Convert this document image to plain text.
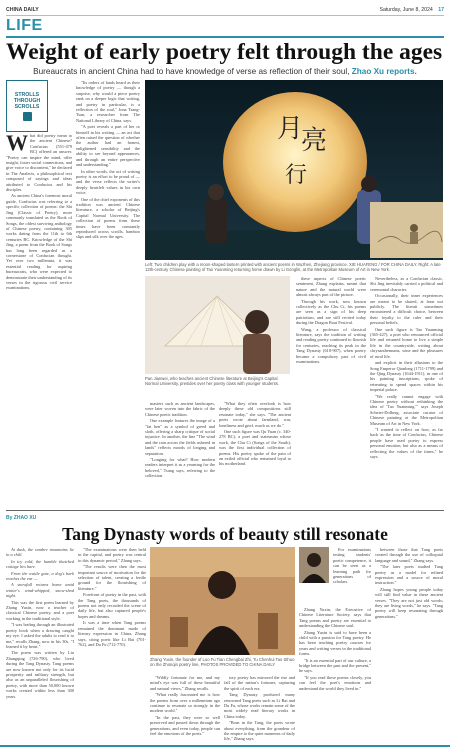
CHINA DAILY	Saturday, June 8, 2024 17
LIFE
Weight of early poetry felt through the ages
Bureaucrats in ancient China had to have knowledge of verse as reflection of their soul, Zhao Xu reports.
STROLLS
THROUGH
SCROLLS

What did poetry mean to the ancient Chinese? Confucius (551-479 BC) offered an answer. "Poetry can inspire the mind, offer insight, foster social connections, and give voice to discontent," he declared in The Analects, a philosophical text composed of sayings and ideas attributed to Confucius and his disciples.

As ancient China's foremost moral guide, Confucius was referring to a specific collection of poems: the Shi Jing (Classic of Poetry), more commonly translated as the Book of Songs, the oldest surviving anthology of Chinese poetry, containing 305 works dating from the 11th to 6th centuries BC. Knowledge of the Shi Jing, a poem from the Book of Songs has long been regarded as a cornerstone of Confucian thought. Yet over two millennia, it was essential reading for aspiring bureaucrats, who were expected to demonstrate their understanding of its verses in the rigorous civil service examinations.

"Its orders of lands heard as their knowledge of poetry — though a surprise, why would a piece poetry rank on a deeper logic that writing, and poetry in particular, is a reflection of the soul," Jona Tsang-Tsan, a researcher from The National Library of China, says.

"A poet reveals a part of her or himself in his writing — an act that often raised the question of whether the author had an honest, enlightened sensibility and the ability to see beyond appearances, and through an entire perspective and understanding."

In other words, the act of writing poetry is an effort to be proud of — and the verse reflects the writer's deeply heartfelt values in his own voice.

One of the chief exponents of this tradition was ancient Chinese literature, a scholar of Beijing's Capital Normal University. The collection of poems from these times have been constantly reproduced across scrolls, bamboo slips and silk over the ages.

月
亮
行
Left: Two children play with a moon-shaped lantern printed with ancient poems in Wuzhen, Zhejiang province. XIE HUAFENG / FOR CHINA DAILY. Right: A late 12th-century Chinese painting of Tao Yuanming returning home drawn by Li Gonglin, at the Metropolitan Museum of Art in New York.
Pan Jianwei, who teaches ancient Chinese literature at Beijing's Capital Normal University, presides over her poetry class with younger students.

masters such as ancient landscapes, were later woven into the fabric of the Chinese poetic tradition.

One example features the image of a "fat hen" as a symbol of greed and sloth, offering a sharp critique of social injustice. In another, the line "The wind and the rain across the fields ushered in lands" reflects moods of longing and separation.

"Longing for what? How modern readers interpret it as a yearning for the beloved," Tsang says, referring to the collection.

"What they often overlook is how deeply these old compositions still resonate today," she says. "The ancient poets wrote about farmland, war, loneliness and grief, much as we do."

One such figure was Qu Yuan (c. 340-278 BC), a poet and statesman whose work, the Chu Ci (Songs of the South), was the first individual collection of poems. His poetry spoke of the pain of an exiled official who remained loyal to his motherland.

these aspects of Chinese poetic sentiment, Zhang explains, meant that nature and the natural world were almost always part of the picture.

Through his work, now known collectively as the Chu Ci, his poems are seen as a sign of his deep patriotism, and are still recited today during the Dragon Boat Festival.

Wang, a professor of classical literature, says the tradition of writing and reading poetry continued to flourish for centuries, reaching its peak in the Tang Dynasty (618-907), when poetry became a compulsory part of civil examinations.

Nevertheless, as a Confucian classic, Shi Jing inevitably carried a political and ceremonial character.

Occasionally, their inner experiences are meant to be shared, at least not publicly. The literati sometimes encountered a difficult choice, between their loyalty to the ruler and their personal beliefs.

One such figure is Tao Yuanming (365-427), a poet who renounced official life and returned home to live a simple life in the countryside, writing about chrysanthemums, wine and the pleasures of rural life.

and explicit in their allusions to the Song Emperor Qianlong (1711-1799) and the Qing Dynasty (1644-1911), in one of his painting inscriptions, spoke of retreating to spend spaces within his imperial palace.

"We really cannot engage with Chinese poetry without rethinking the idea of 'Tao Yuanming,'" says Joseph Scheier-Dolberg, associate curator of Chinese painting at the Metropolitan Museum of Art in New York.

"I wanted to reflect on how, as far back as the time of Confucius, Chinese people have used poetry to express personal emotion, but also as a means of reflecting the values of the times," he says.

By ZHAO XU
Tang Dynasty words of beauty still resonate

At dusk, the sombre mountains lie in a chill.

In icy cold, the humble thatched cottage lies bare.

From the wattle gate, a dog's bark reaches the ear —

A snowfall returns home amid winter's wind-whipped, snow-shod night.

This was the first poem learned by Zhang Yuxin, now a teacher of classical Chinese poetry, and a poet working in the traditional style.

"I was leafing through an illustrated poetry book when a drawing caught my eye. I asked the adults to read it to me," recalls Zhang, now in his 30s. "I learned it by heart."

The poem was written by Liu Zhangqing (726-790), who lived during the Tang Dynasty. Tang poems are now known not only for its lucid prosperity and military strength, but also as an unparalleled flourishing of poetry, with more than 50,000 known works created within less than 300 years.

"The examinations were then held in the capital, and poetry was central to this dynamic period," Zhang says.

"The results were then the most important source of motivation for the selection of talent, creating a fertile ground for the flourishing of literature."

Forefront of poetry in the past, with the Tang poets, the thousands of poems not only recorded the scene of daily life, but also captured people's hopes and dreams.

It was a time when Tang poems remained the dominant mode of literary expression in China, Zhang says, citing poets like Li Bai (701-762), and Du Fu (712-770).

Zhang Yuxin, the founder of Luo Fu Tian Chengbai Zhi, Tu Chenhui Tao Sthuo on the Zhonqin poetry line, PHOTOS PROVIDED TO CHINA DAILY

"Wildly fortunate for me, and my mind's eye was full of these beautiful and natural views," Zhang recalls.

"What really fascinated me is how the poems from over a millennium ago continue to resonate so strongly in the modern world."

"In the past, they were so well preserved and passed down through the generations, and even today, people can feel the emotions of the poets."

tory poetry has mirrored the rise and fall of the nation's fortunes, capturing the spirit of each era.

Tang Dynasty produced many renowned Tang poets such as Li Bai and Du Fu, whose works remain some of the most widely read literary works in China today.

"Born in the Tang, the poets wrote about everything, from the grandeur of the empire to the quiet moments of daily life," Zhang says.

For examinations testing students' poetic competence, it can be seen as a learning path for generations of scholars.

Zhang Yuxin, the Executive of Chinese Literature Society, says that Tang poems and poetry are essential to understanding the Chinese soul.

Zhang Yuxin is said to have been a child with a passion for Tang poetry. He has been teaching poetry courses for years and writing verses in the traditional forms.

"It is an essential part of our culture, a bridge between the past and the present," he says.

"If you read these poems closely, you can feel the poet's emotions and understand the world they lived in."

between those that Tang poets created through the use of colloquial language and sound," Zhang says.

"The later poets studied Tang poetry as a model for refined expression and a source of moral instruction."

Zhang hopes young people today will still find value in these ancient verses. "They are not just old words; they are living words," he says. "Tang poetry will keep resonating through generations."
